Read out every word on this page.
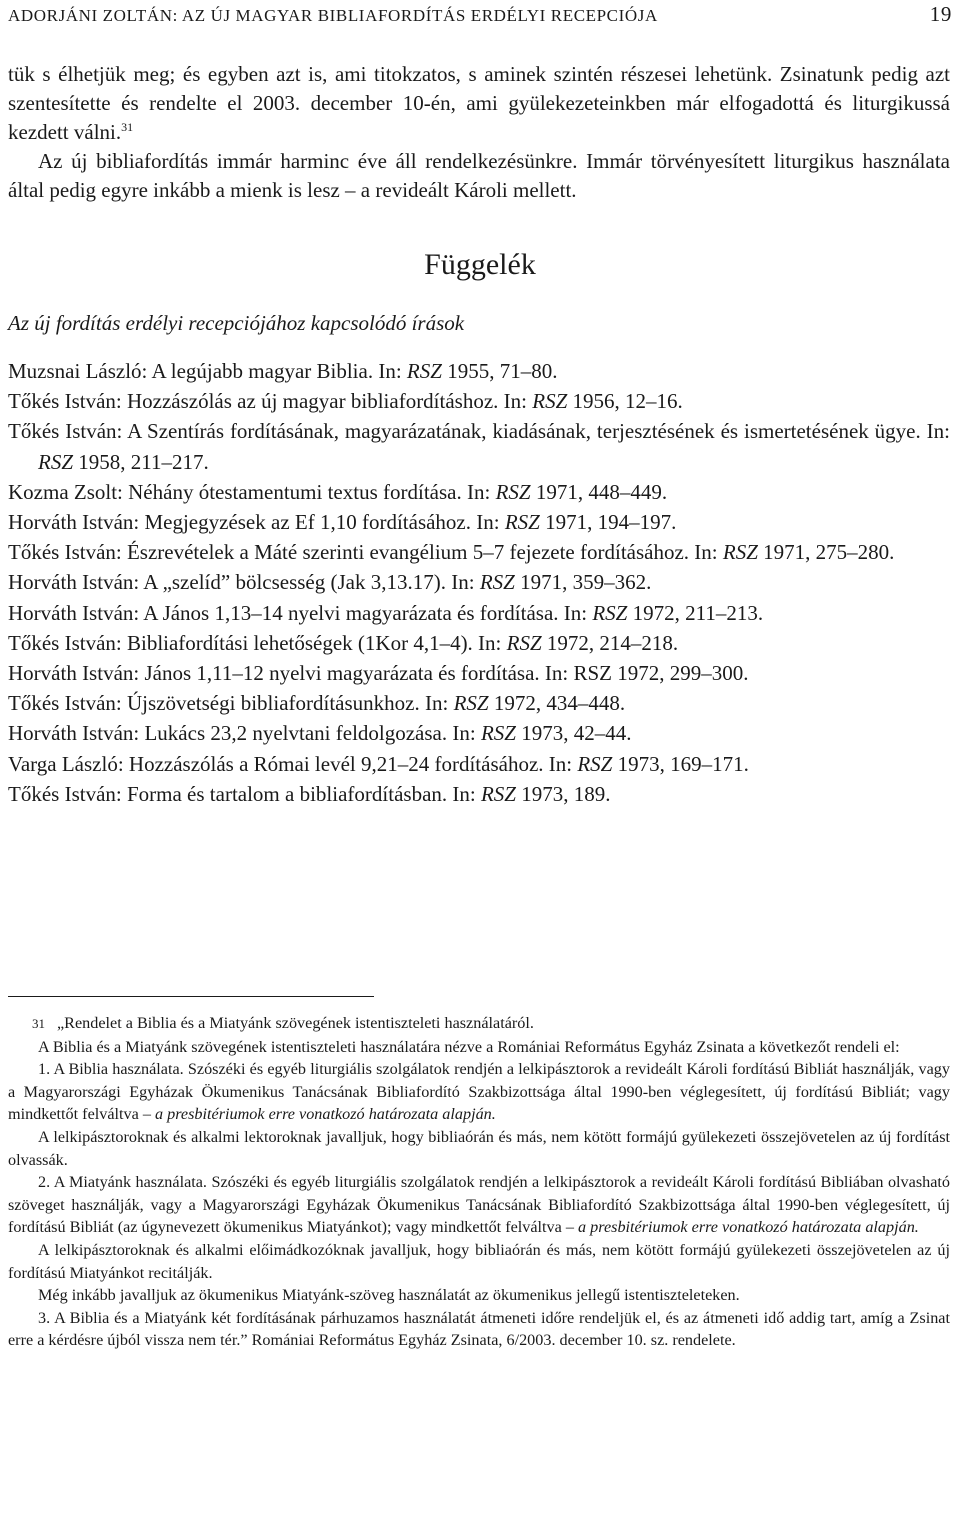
ADORJÁNI ZOLTÁN: AZ ÚJ MAGYAR BIBLIAFORDÍTÁS ERDÉLYI RECEPCIÓJA	19

tük s élhetjük meg; és egyben azt is, ami titokzatos, s aminek szintén részesei lehetünk. Zsinatunk pedig azt szentesítette és rendelte el 2003. december 10-én, ami gyülekezeteinkben már elfogadottá és liturgikussá kezdett válni.$^{31}$

Az új bibliafordítás immár harminc éve áll rendelkezésünkre. Immár törvényesített liturgikus használata által pedig egyre inkább a mienk is lesz – a revideált Károli mellett.

Függelék
Az új fordítás erdélyi recepciójához kapcsolódó írások

Muzsnai László: A legújabb magyar Biblia. In: RSZ 1955, 71–80.

Tőkés István: Hozzászólás az új magyar bibliafordításhoz. In: RSZ 1956, 12–16.

Tőkés István: A Szentírás fordításának, magyarázatának, kiadásának, terjesztésének és ismertetésének ügye. In: RSZ 1958, 211–217.

Kozma Zsolt: Néhány ótestamentumi textus fordítása. In: RSZ 1971, 448–449.

Horváth István: Megjegyzések az Ef 1,10 fordításához. In: RSZ 1971, 194–197.

Tőkés István: Észrevételek a Máté szerinti evangélium 5–7 fejezete fordításához. In: RSZ 1971, 275–280.

Horváth István: A „szelíd” bölcsesség (Jak 3,13.17). In: RSZ 1971, 359–362.

Horváth István: A János 1,13–14 nyelvi magyarázata és fordítása. In: RSZ 1972, 211–213.

Tőkés István: Bibliafordítási lehetőségek (1Kor 4,1–4). In: RSZ 1972, 214–218.

Horváth István: János 1,11–12 nyelvi magyarázata és fordítása. In: RSZ 1972, 299–300.

Tőkés István: Újszövetségi bibliafordításunkhoz. In: RSZ 1972, 434–448.

Horváth István: Lukács 23,2 nyelvtani feldolgozása. In: RSZ 1973, 42–44.

Varga László: Hozzászólás a Római levél 9,21–24 fordításához. In: RSZ 1973, 169–171.

Tőkés István: Forma és tartalom a bibliafordításban. In: RSZ 1973, 189.

31 „Rendelet a Biblia és a Miatyánk szövegének istentiszteleti használatáról.

A Biblia és a Miatyánk szövegének istentiszteleti használatára nézve a Romániai Református Egyház Zsinata a következőt rendeli el:

1. A Biblia használata. Szószéki és egyéb liturgiális szolgálatok rendjén a lelkipásztorok a revideált Károli fordítású Bibliát használják, vagy a Magyarországi Egyházak Ökumenikus Tanácsának Bibliafordító Szakbizottsága által 1990-ben véglegesített, új fordítású Bibliát; vagy mindkettőt felváltva – a presbitériumok erre vonatkozó határozata alapján.

A lelkipásztoroknak és alkalmi lektoroknak javalljuk, hogy bibliaórán és más, nem kötött formájú gyülekezeti összejövetelen az új fordítást olvassák.

2. A Miatyánk használata. Szószéki és egyéb liturgiális szolgálatok rendjén a lelkipásztorok a revideált Károli fordítású Bibliában olvasható szöveget használják, vagy a Magyarországi Egyházak Ökumenikus Tanácsának Bibliafordító Szakbizottsága által 1990-ben véglegesített, új fordítású Bibliát (az úgynevezett ökumenikus Miatyánkot); vagy mindkettőt felváltva – a presbitériumok erre vonatkozó határozata alapján.

A lelkipásztoroknak és alkalmi előimádkozóknak javalljuk, hogy bibliaórán és más, nem kötött formájú gyülekezeti összejövetelen az új fordítású Miatyánkot recitálják.

Még inkább javalljuk az ökumenikus Miatyánk-szöveg használatát az ökumenikus jellegű istentiszteleteken.

3. A Biblia és a Miatyánk két fordításának párhuzamos használatát átmeneti időre rendeljük el, és az átmeneti idő addig tart, amíg a Zsinat erre a kérdésre újból vissza nem tér.” Romániai Református Egyház Zsinata, 6/2003. december 10. sz. rendelete.
